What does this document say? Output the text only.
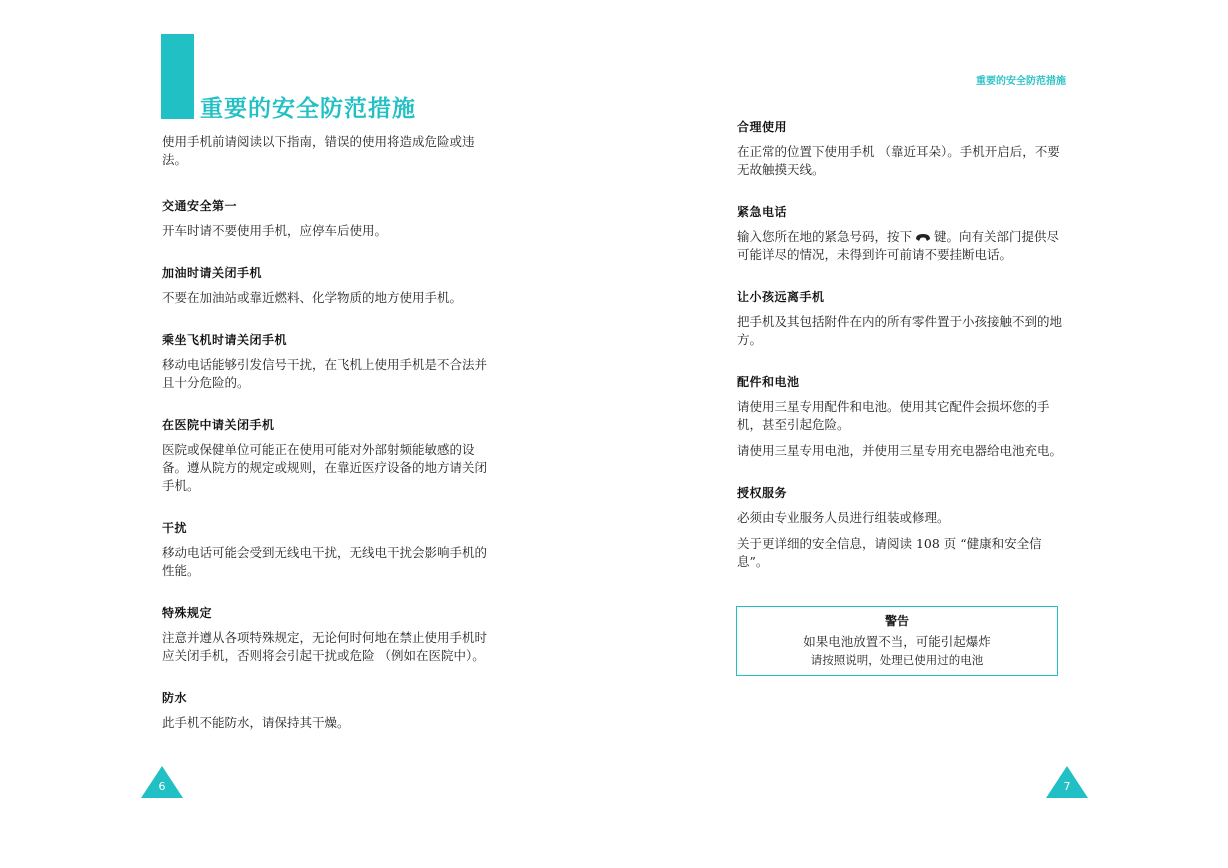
重要的安全防范措施

使用手机前请阅读以下指南，错误的使用将造成危险或违法。

交通安全第一

开车时请不要使用手机，应停车后使用。

加油时请关闭手机

不要在加油站或靠近燃料、化学物质的地方使用手机。

乘坐飞机时请关闭手机

移动电话能够引发信号干扰，在飞机上使用手机是不合法并且十分危险的。

在医院中请关闭手机

医院或保健单位可能正在使用可能对外部射频能敏感的设备。遵从院方的规定或规则，在靠近医疗设备的地方请关闭手机。

干扰

移动电话可能会受到无线电干扰，无线电干扰会影响手机的性能。

特殊规定

注意并遵从各项特殊规定，无论何时何地在禁止使用手机时应关闭手机，否则将会引起干扰或危险 （例如在医院中）。

防水

此手机不能防水，请保持其干燥。

6
重要的安全防范措施
合理使用

在正常的位置下使用手机 （靠近耳朵）。手机开启后，不要无故触摸天线。

紧急电话

输入您所在地的紧急号码，按下 键。向有关部门提供尽可能详尽的情况，未得到许可前请不要挂断电话。

让小孩远离手机

把手机及其包括附件在内的所有零件置于小孩接触不到的地方。

配件和电池

请使用三星专用配件和电池。使用其它配件会损坏您的手机，甚至引起危险。

请使用三星专用电池，并使用三星专用充电器给电池充电。

授权服务

必须由专业服务人员进行组装或修理。

关于更详细的安全信息，请阅读 108 页 “健康和安全信息”。

警告
如果电池放置不当，可能引起爆炸
请按照说明，处理已使用过的电池
7
